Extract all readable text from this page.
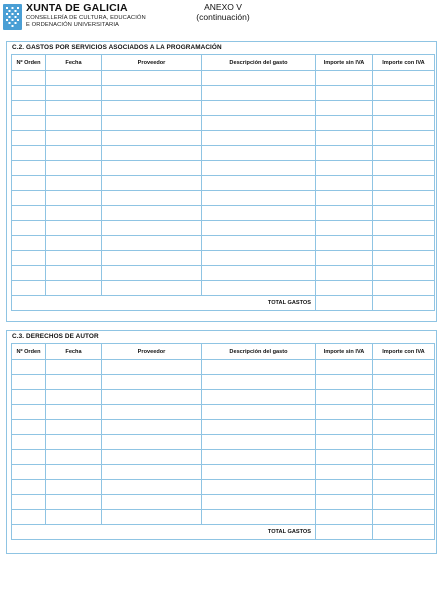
XUNTA DE GALICIA
CONSELLERÍA DE CULTURA, EDUCACIÓN
E ORDENACIÓN UNIVERSITARIA
ANEXO V
(continuación)
C.2. GASTOS POR SERVICIOS ASOCIADOS A LA PROGRAMACIÓN
Nº Orden	Fecha	Proveedor	Descripción del gasto	Importe sin IVA	Importe con IVA

			TOTAL GASTOS		
C.3. DERECHOS DE AUTOR
Nº Orden	Fecha	Proveedor	Descripción del gasto	Importe sin IVA	Importe con IVA

			TOTAL GASTOS		
